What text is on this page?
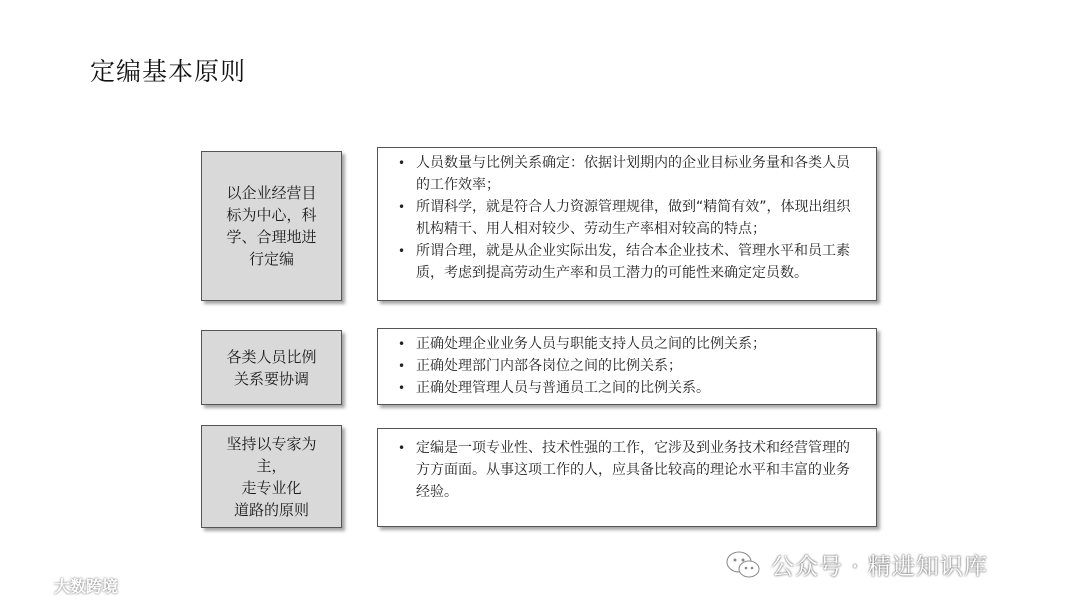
定编基本原则
以企业经营目
标为中心，科
学、合理地进
行定编
• 人员数量与比例关系确定：依据计划期内的企业目标业务量和各类人员的工作效率；
• 所谓科学，就是符合人力资源管理规律，做到“精简有效”，体现出组织机构精干、用人相对较少、劳动生产率相对较高的特点；
• 所谓合理，就是从企业实际出发，结合本企业技术、管理水平和员工素质，考虑到提高劳动生产率和员工潜力的可能性来确定定员数。
各类人员比例
关系要协调
• 正确处理企业业务人员与职能支持人员之间的比例关系；
• 正确处理部门内部各岗位之间的比例关系；
• 正确处理管理人员与普通员工之间的比例关系。
坚持以专家为主，
走专业化
道路的原则
• 定编是一项专业性、技术性强的工作，它涉及到业务技术和经营管理的方方面面。从事这项工作的人，应具备比较高的理论水平和丰富的业务经验。
大数跨境
公众号 · 精进知识库
